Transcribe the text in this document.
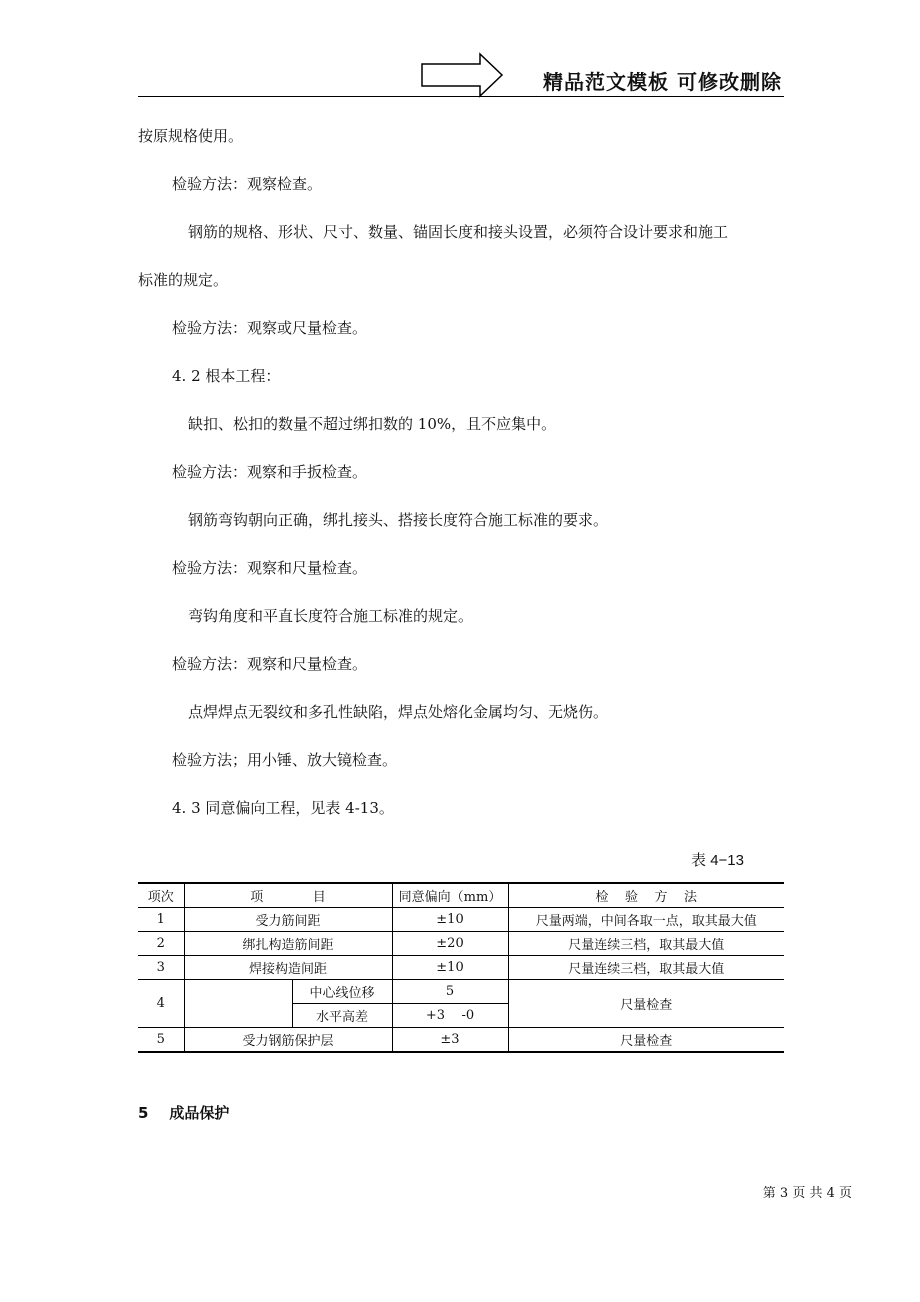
精品范文模板 可修改删除
按原规格使用。
检验方法：观察检查。
钢筋的规格、形状、尺寸、数量、锚固长度和接头设置，必须符合设计要求和施工
标准的规定。
检验方法：观察或尺量检查。
4. 2 根本工程：
缺扣、松扣的数量不超过绑扣数的 10%，且不应集中。
检验方法：观察和手扳检查。
钢筋弯钩朝向正确，绑扎接头、搭接长度符合施工标准的要求。
检验方法：观察和尺量检查。
弯钩角度和平直长度符合施工标准的规定。
检验方法：观察和尺量检查。
点焊焊点无裂纹和多孔性缺陷，焊点处熔化金属均匀、无烧伤。
检验方法；用小锤、放大镜检查。
4. 3 同意偏向工程，见表 4-13。
表 4−13
项次	项            目		同意偏向（mm）	检    验    方    法
1	受力筋间距		±10	尺量两端，中间各取一点，取其最大值
2	绑扎构造筋间距		±20	尺量连续三档，取其最大值
3	焊接构造间距		±10	尺量连续三档，取其最大值
4		中心线位移	5	尺量检查
		水平高差	+3    -0	
5	受力钢筋保护层		±3	尺量检查
5    成品保护
第 3 页 共 4 页
